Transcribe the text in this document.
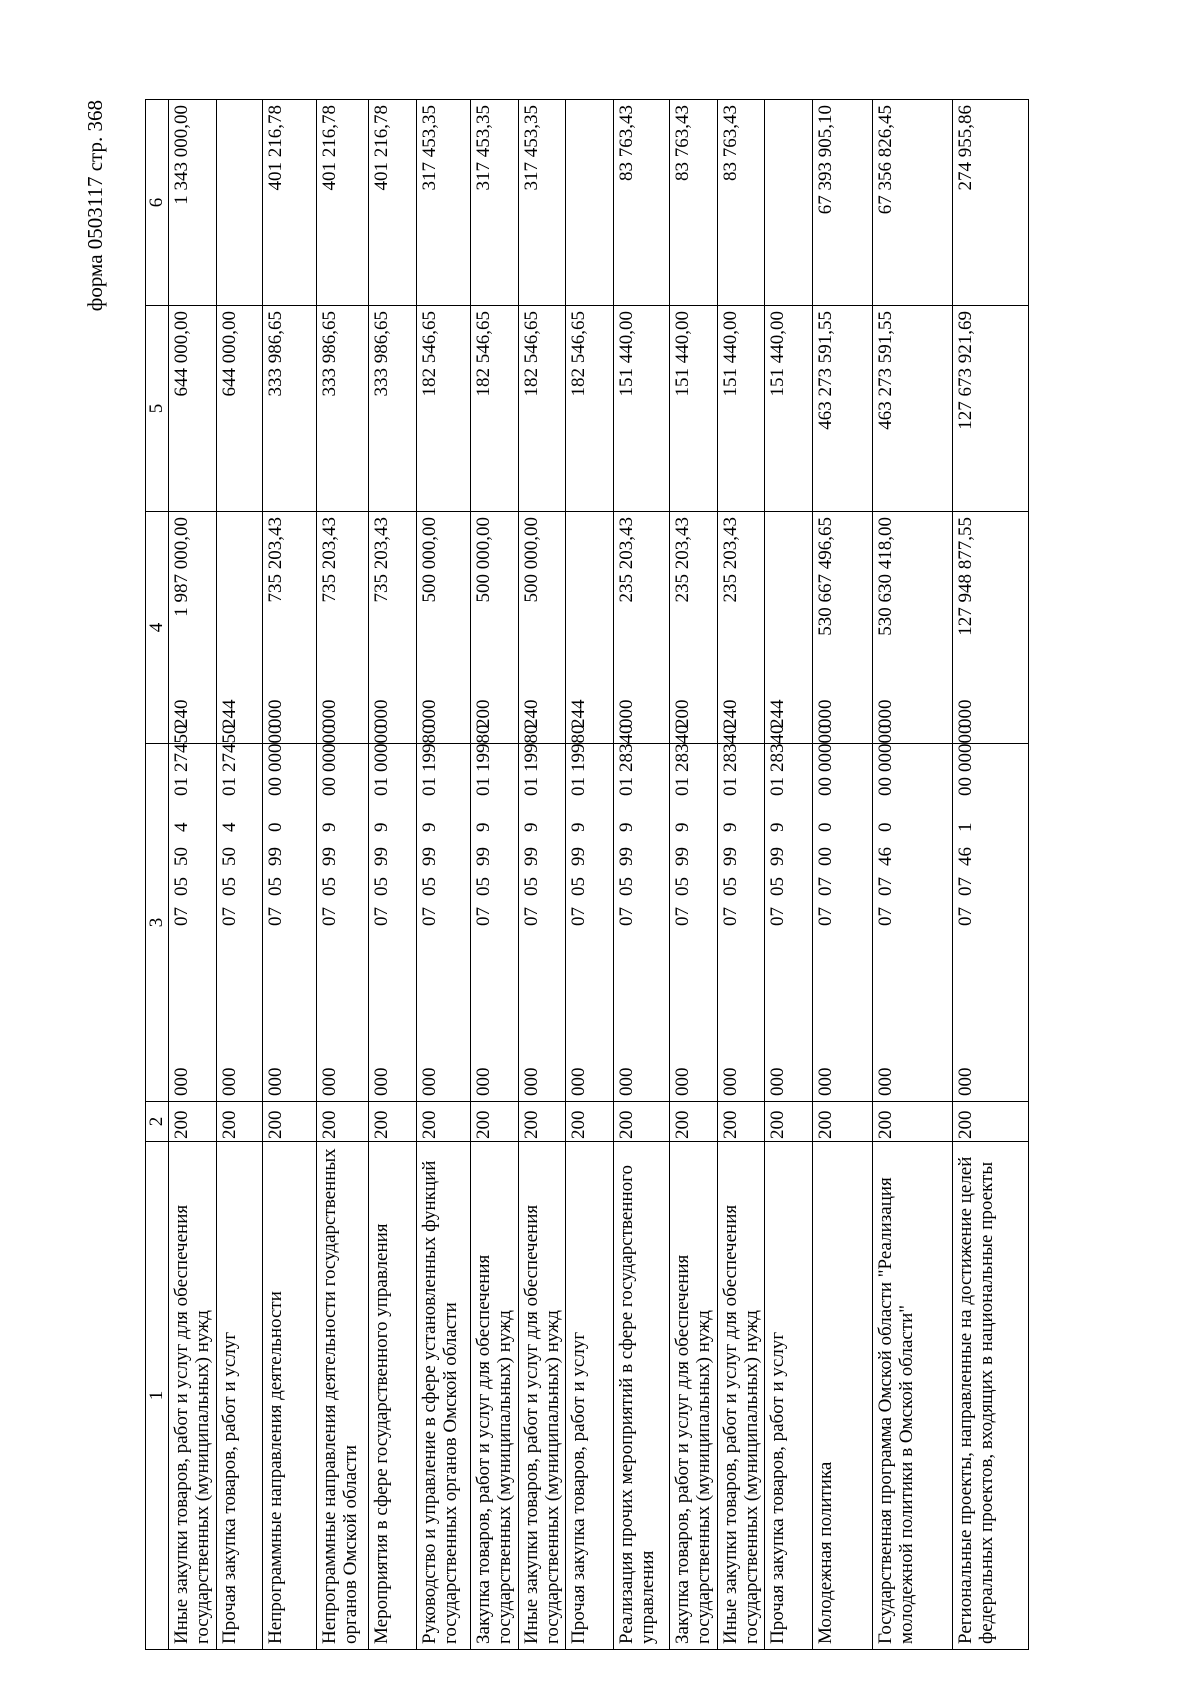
форма 0503117 стр. 368
1	2	3	4	5	6
Иные закупки товаров, работ и услуг для обеспечения государственных (муниципальных) нужд	200	00007055040127450240	1 987 000,00	644 000,00	1 343 000,00
Прочая закупка товаров, работ и услуг	200	00007055040127450244		644 000,00	
Непрограммные направления деятельности	200	00007059900000000000	735 203,43	333 986,65	401 216,78
Непрограммные направления деятельности государственных органов Омской области	200	00007059990000000000	735 203,43	333 986,65	401 216,78
Мероприятия в сфере государственного управления	200	00007059990100000000	735 203,43	333 986,65	401 216,78
Руководство и управление в сфере установленных функций государственных органов Омской области	200	00007059990119980000	500 000,00	182 546,65	317 453,35
Закупка товаров, работ и услуг для обеспечения государственных (муниципальных) нужд	200	00007059990119980200	500 000,00	182 546,65	317 453,35
Иные закупки товаров, работ и услуг для обеспечения государственных (муниципальных) нужд	200	00007059990119980240	500 000,00	182 546,65	317 453,35
Прочая закупка товаров, работ и услуг	200	00007059990119980244		182 546,65	
Реализация прочих мероприятий в сфере государственного управления	200	00007059990128340000	235 203,43	151 440,00	83 763,43
Закупка товаров, работ и услуг для обеспечения государственных (муниципальных) нужд	200	00007059990128340200	235 203,43	151 440,00	83 763,43
Иные закупки товаров, работ и услуг для обеспечения государственных (муниципальных) нужд	200	00007059990128340240	235 203,43	151 440,00	83 763,43
Прочая закупка товаров, работ и услуг	200	00007059990128340244		151 440,00	
Молодежная политика	200	00007070000000000000	530 667 496,65	463 273 591,55	67 393 905,10
Государственная программа Омской области "Реализация молодежной политики в Омской области"	200	00007074600000000000	530 630 418,00	463 273 591,55	67 356 826,45
Региональные проекты, направленные на достижение целей федеральных проектов, входящих в национальные проекты	200	00007074610000000000	127 948 877,55	127 673 921,69	274 955,86
